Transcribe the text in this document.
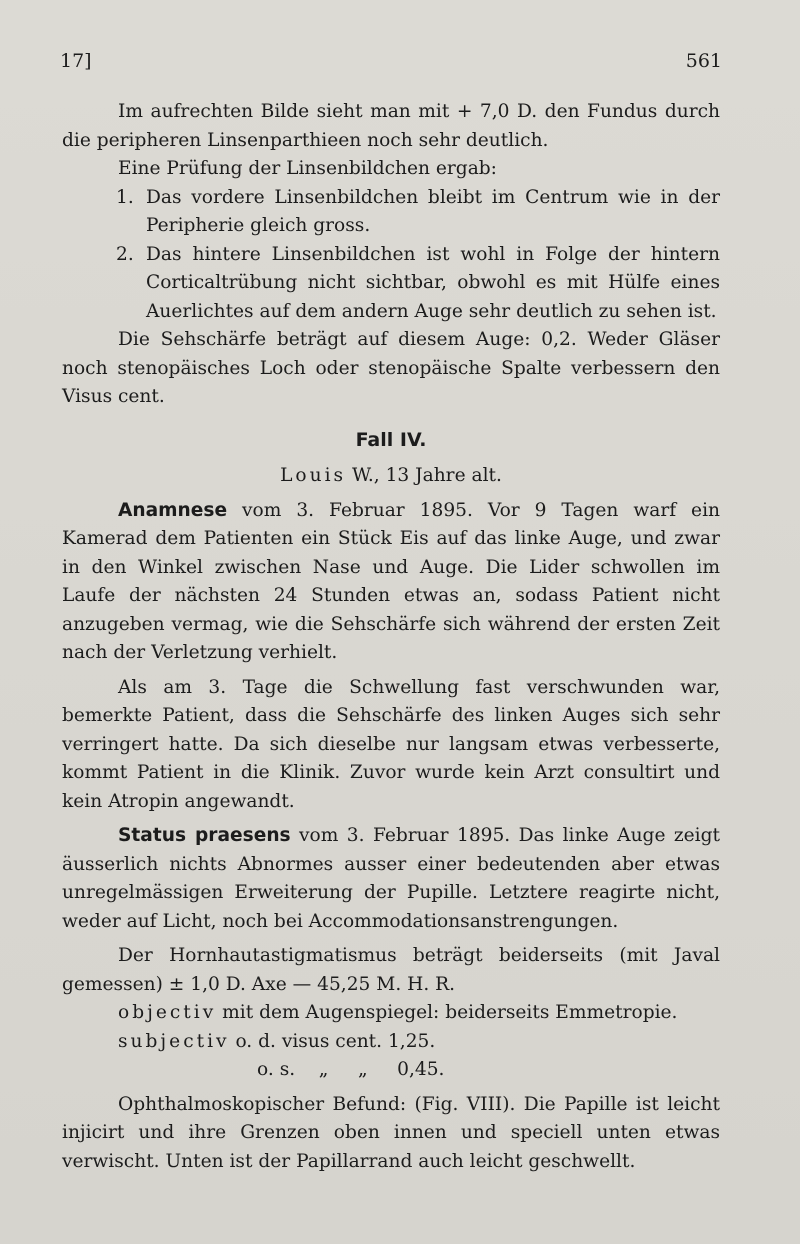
17]	561

Im aufrechten Bilde sieht man mit + 7,0 D. den Fundus durch die peripheren Linsenparthieen noch sehr deutlich.

Eine Prüfung der Linsenbildchen ergab:

1. Das vordere Linsenbildchen bleibt im Centrum wie in der Peripherie gleich gross.

2. Das hintere Linsenbildchen ist wohl in Folge der hintern Corticaltrübung nicht sichtbar, obwohl es mit Hülfe eines Auerlichtes auf dem andern Auge sehr deutlich zu sehen ist.

Die Sehschärfe beträgt auf diesem Auge: 0,2. Weder Gläser noch stenopäisches Loch oder stenopäische Spalte verbessern den Visus cent.

Fall IV.
Louis W., 13 Jahre alt.

Anamnese vom 3. Februar 1895. Vor 9 Tagen warf ein Kamerad dem Patienten ein Stück Eis auf das linke Auge, und zwar in den Winkel zwischen Nase und Auge. Die Lider schwollen im Laufe der nächsten 24 Stunden etwas an, sodass Patient nicht anzugeben vermag, wie die Sehschärfe sich während der ersten Zeit nach der Verletzung verhielt.

Als am 3. Tage die Schwellung fast verschwunden war, bemerkte Patient, dass die Sehschärfe des linken Auges sich sehr verringert hatte. Da sich dieselbe nur langsam etwas verbesserte, kommt Patient in die Klinik. Zuvor wurde kein Arzt consultirt und kein Atropin angewandt.

Status praesens vom 3. Februar 1895. Das linke Auge zeigt äusserlich nichts Abnormes ausser einer bedeutenden aber etwas unregelmässigen Erweiterung der Pupille. Letztere reagirte nicht, weder auf Licht, noch bei Accommodationsanstrengungen.

Der Hornhautastigmatismus beträgt beiderseits (mit Javal gemessen) ± 1,0 D. Axe — 45,25 M. H. R.

objectiv mit dem Augenspiegel: beiderseits Emmetropie.

subjectiv o. d. visus cent. 1,25.

o. s.    „     „     0,45.

Ophthalmoskopischer Befund: (Fig. VIII). Die Papille ist leicht injicirt und ihre Grenzen oben innen und speciell unten etwas verwischt. Unten ist der Papillarrand auch leicht geschwellt.
